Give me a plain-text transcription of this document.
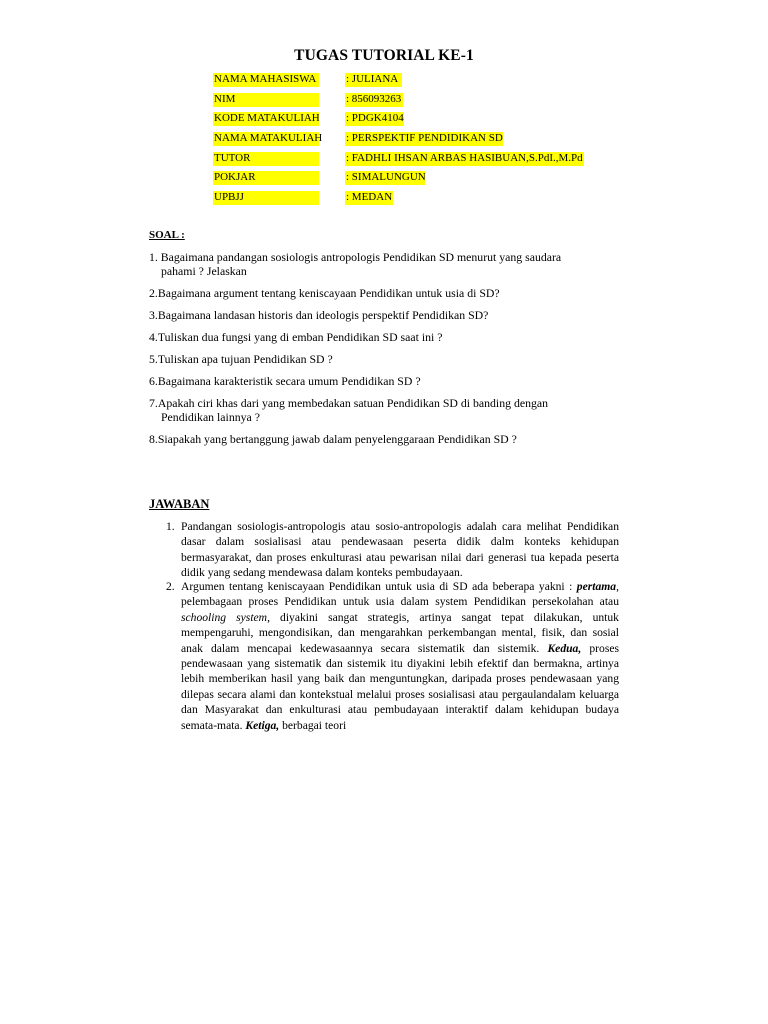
TUGAS TUTORIAL KE-1
NAMA MAHASISWA	: JULIANA
NIM	: 856093263
KODE MATAKULIAH : PDGK4104
NAMA MATAKULIAH : PERSPEKTIF PENDIDIKAN SD
TUTOR	: FADHLI IHSAN ARBAS HASIBUAN,S.PdI.,M.Pd
POKJAR	: SIMALUNGUN
UPBJJ	: MEDAN
SOAL :
1. Bagaimana pandangan sosiologis antropologis Pendidikan SD menurut yang saudara
pahami ? Jelaskan
2.Bagaimana argument tentang keniscayaan Pendidikan untuk usia di SD?
3.Bagaimana landasan historis dan ideologis perspektif Pendidikan SD?
4.Tuliskan dua fungsi yang di emban Pendidikan SD saat ini ?
5.Tuliskan apa tujuan Pendidikan SD ?
6.Bagaimana karakteristik secara umum Pendidikan SD ?
7.Apakah ciri khas dari yang membedakan satuan Pendidikan SD di banding dengan
Pendidikan lainnya ?
8.Siapakah yang bertanggung jawab dalam penyelenggaraan Pendidikan SD ?
JAWABAN
1. Pandangan sosiologis-antropologis atau sosio-antropologis adalah cara melihat Pendidikan dasar dalam sosialisasi atau pendewasaan peserta didik dalm konteks kehidupan bermasyarakat, dan proses enkulturasi atau pewarisan nilai dari generasi tua kepada peserta didik yang sedang mendewasa dalam konteks pembudayaan.
2. Argumen tentang keniscayaan Pendidikan untuk usia di SD ada beberapa yakni : pertama, pelembagaan proses Pendidikan untuk usia dalam system Pendidikan persekolahan atau schooling system, diyakini sangat strategis, artinya sangat tepat dilakukan, untuk mempengaruhi, mengondisikan, dan mengarahkan perkembangan mental, fisik, dan sosial anak dalam mencapai kedewasaannya secara sistematik dan sistemik. Kedua, proses pendewasaan yang sistematik dan sistemik itu diyakini lebih efektif dan bermakna, artinya lebih memberikan hasil yang baik dan menguntungkan, daripada proses pendewasaan yang dilepas secara alami dan kontekstual melalui proses sosialisasi atau pergaulandalam keluarga dan Masyarakat dan enkulturasi atau pembudayaan interaktif dalam kehidupan budaya semata-mata. Ketiga, berbagai teori
